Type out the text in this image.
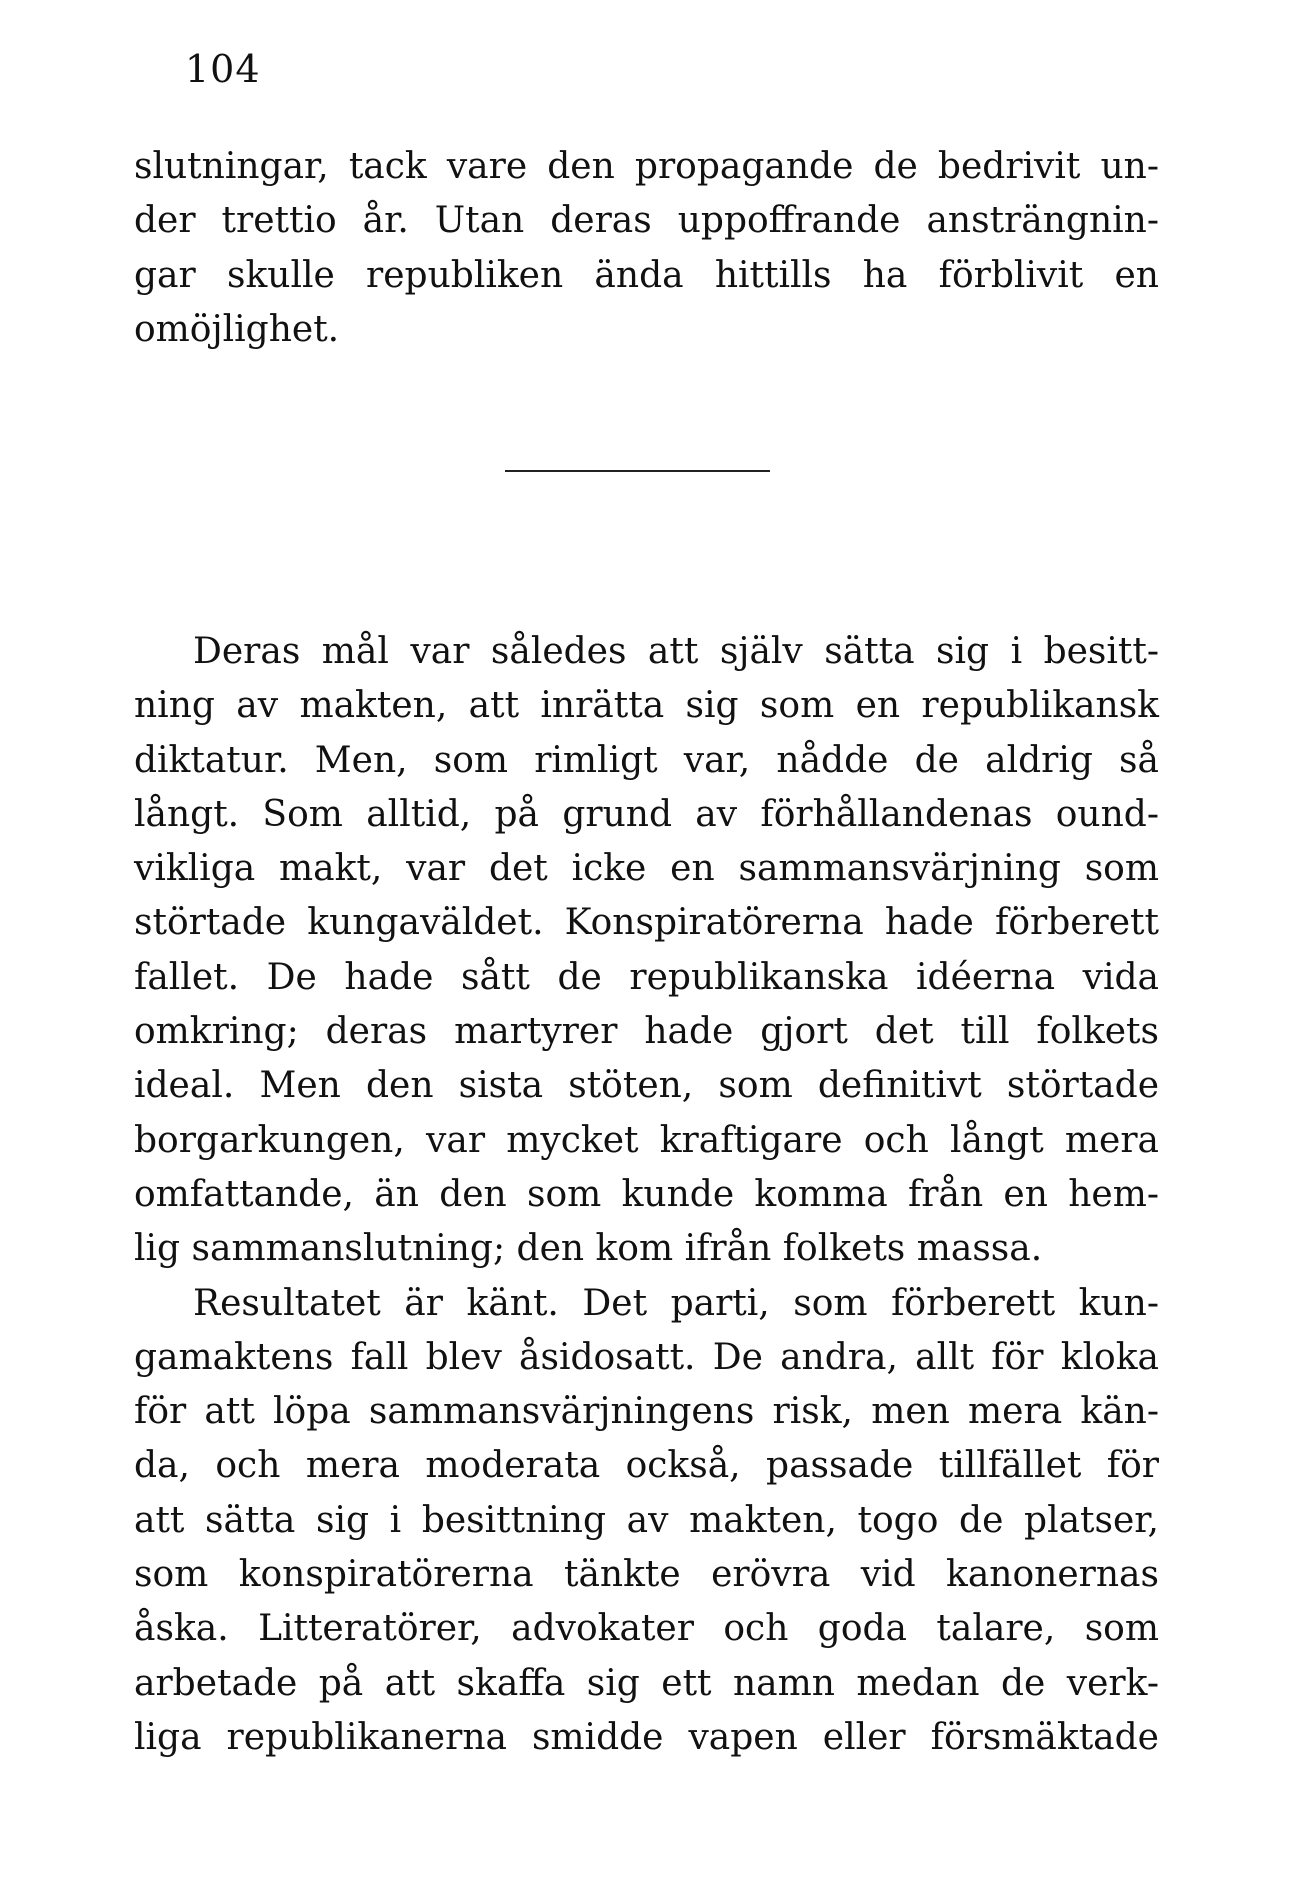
104
slutningar, tack vare den propagande de bedrivit un-
der trettio år. Utan deras uppoffrande ansträngnin-
gar skulle republiken ända hittills ha förblivit en
omöjlighet.
Deras mål var således att själv sätta sig i besitt-
ning av makten, att inrätta sig som en republikansk
diktatur. Men, som rimligt var, nådde de aldrig så
långt. Som alltid, på grund av förhållandenas ound-
vikliga makt, var det icke en sammansvärjning som
störtade kungaväldet. Konspiratörerna hade förberett
fallet. De hade sått de republikanska idéerna vida
omkring; deras martyrer hade gjort det till folkets
ideal. Men den sista stöten, som definitivt störtade
borgarkungen, var mycket kraftigare och långt mera
omfattande, än den som kunde komma från en hem-
lig sammanslutning; den kom ifrån folkets massa.
Resultatet är känt. Det parti, som förberett kun-
gamaktens fall blev åsidosatt. De andra, allt för kloka
för att löpa sammansvärjningens risk, men mera kän-
da, och mera moderata också, passade tillfället för
att sätta sig i besittning av makten, togo de platser,
som konspiratörerna tänkte erövra vid kanonernas
åska. Litteratörer, advokater och goda talare, som
arbetade på att skaffa sig ett namn medan de verk-
liga republikanerna smidde vapen eller försmäktade
